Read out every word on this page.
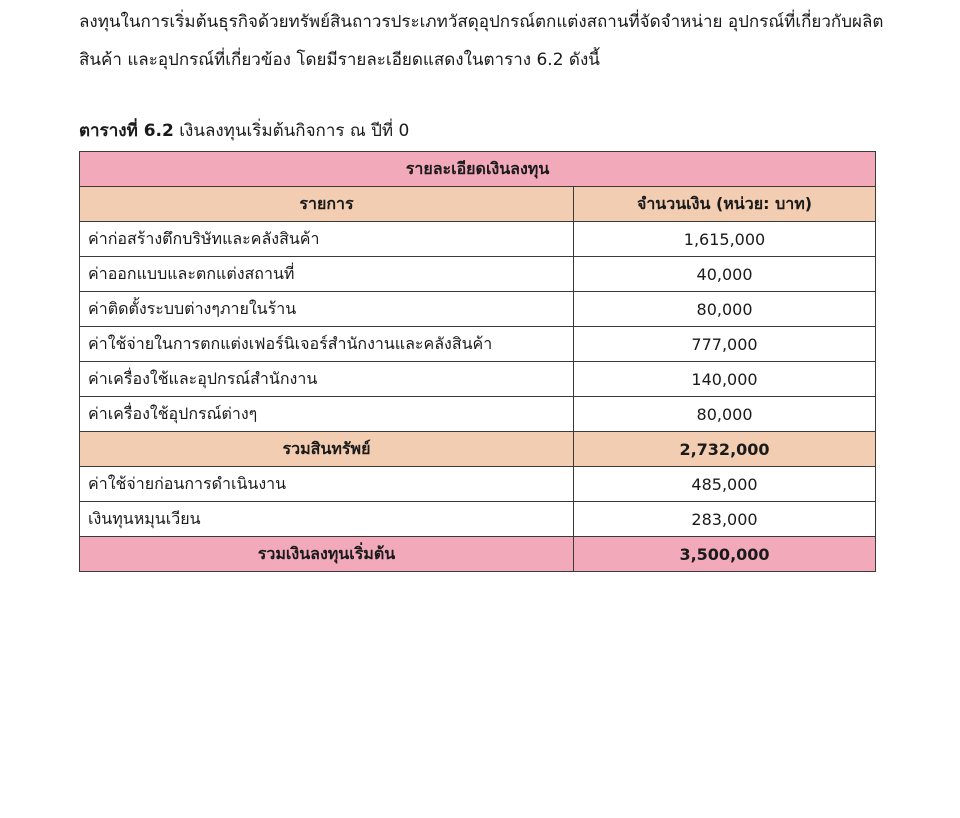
ลงทุนในการเริ่มต้นธุรกิจด้วยทรัพย์สินถาวรประเภทวัสดุอุปกรณ์ตกแต่งสถานที่จัดจำหน่าย อุปกรณ์ที่เกี่ยวกับผลิต
สินค้า และอุปกรณ์ที่เกี่ยวข้อง โดยมีรายละเอียดแสดงในตาราง 6.2 ดังนี้
ตารางที่ 6.2 เงินลงทุนเริ่มต้นกิจการ ณ ปีที่ 0
รายละเอียดเงินลงทุน	
รายการ	จำนวนเงิน (หน่วย: บาท)
ค่าก่อสร้างตึกบริษัทและคลังสินค้า	1,615,000
ค่าออกแบบและตกแต่งสถานที่	40,000
ค่าติดตั้งระบบต่างๆภายในร้าน	80,000
ค่าใช้จ่ายในการตกแต่งเฟอร์นิเจอร์สำนักงานและคลังสินค้า	777,000
ค่าเครื่องใช้และอุปกรณ์สำนักงาน	140,000
ค่าเครื่องใช้อุปกรณ์ต่างๆ	80,000
รวมสินทรัพย์	2,732,000
ค่าใช้จ่ายก่อนการดำเนินงาน	485,000
เงินทุนหมุนเวียน	283,000
รวมเงินลงทุนเริ่มต้น	3,500,000
